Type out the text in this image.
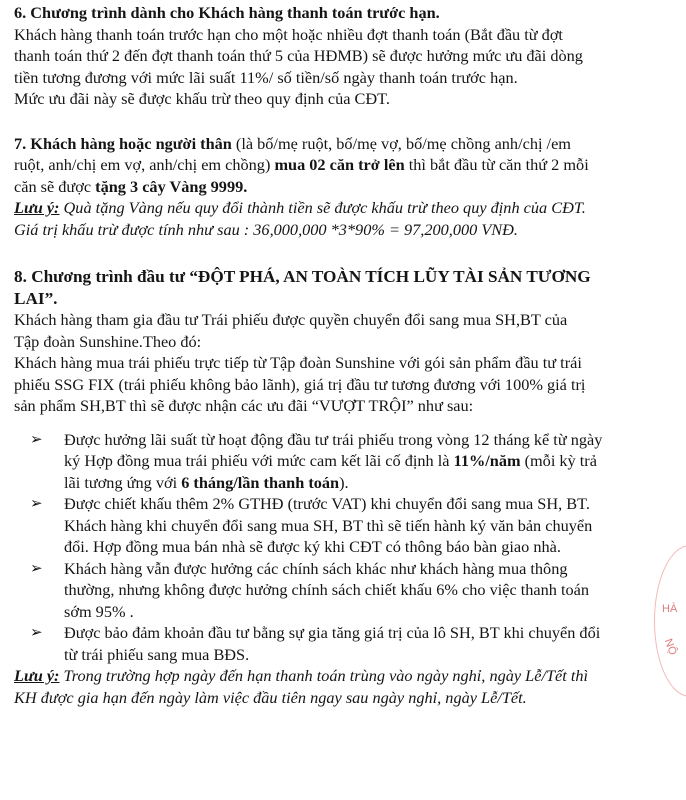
6. Chương trình dành cho Khách hàng thanh toán trước hạn.
Khách hàng thanh toán trước hạn cho một hoặc nhiều đợt thanh toán (Bắt đầu từ đợt
thanh toán thứ 2 đến đợt thanh toán thứ 5 của HĐMB) sẽ được hưởng mức ưu đãi dòng
tiền tương đương với mức lãi suất 11%/ số tiền/số ngày thanh toán trước hạn.
Mức ưu đãi này sẽ được khấu trừ theo quy định của CĐT.
7. Khách hàng hoặc người thân (là bố/mẹ ruột, bố/mẹ vợ, bố/mẹ chồng anh/chị /em
ruột, anh/chị em vợ, anh/chị em chồng) mua 02 căn trở lên thì bắt đầu từ căn thứ 2 mỗi
căn sẽ được tặng 3 cây Vàng 9999.
Lưu ý: Quà tặng Vàng nếu quy đổi thành tiền sẽ được khấu trừ theo quy định của CĐT.
Giá trị khấu trừ được tính như sau : 36,000,000 *3*90% = 97,200,000 VNĐ.
8. Chương trình đầu tư “ĐỘT PHÁ, AN TOÀN TÍCH LŨY TÀI SẢN TƯƠNG
LAI”.
Khách hàng tham gia đầu tư Trái phiếu được quyền chuyển đổi sang mua SH,BT của
Tập đoàn Sunshine.Theo đó:
Khách hàng mua trái phiếu trực tiếp từ Tập đoàn Sunshine với gói sản phẩm đầu tư trái
phiếu SSG FIX (trái phiếu không bảo lãnh), giá trị đầu tư tương đương với 100% giá trị
sản phẩm SH,BT thì sẽ được nhận các ưu đãi “VƯỢT TRỘI” như sau:
➢ Được hưởng lãi suất từ hoạt động đầu tư trái phiếu trong vòng 12 tháng kể từ ngày
ký Hợp đồng mua trái phiếu với mức cam kết lãi cố định là 11%/năm (mỗi kỳ trả
lãi tương ứng với 6 tháng/lần thanh toán).
➢ Được chiết khấu thêm 2% GTHĐ (trước VAT) khi chuyển đổi sang mua SH, BT.
Khách hàng khi chuyển đổi sang mua SH, BT thì sẽ tiến hành ký văn bản chuyển
đổi. Hợp đồng mua bán nhà sẽ được ký khi CĐT có thông báo bàn giao nhà.
➢ Khách hàng vẫn được hưởng các chính sách khác như khách hàng mua thông
thường, nhưng không được hưởng chính sách chiết khấu 6% cho việc thanh toán
sớm 95% .
➢ Được bảo đảm khoản đầu tư bằng sự gia tăng giá trị của lô SH, BT khi chuyển đổi
từ trái phiếu sang mua BĐS.
Lưu ý: Trong trường hợp ngày đến hạn thanh toán trùng vào ngày nghỉ, ngày Lễ/Tết thì
KH được gia hạn đến ngày làm việc đầu tiên ngay sau ngày nghỉ, ngày Lễ/Tết.
HÀ
NỘ
